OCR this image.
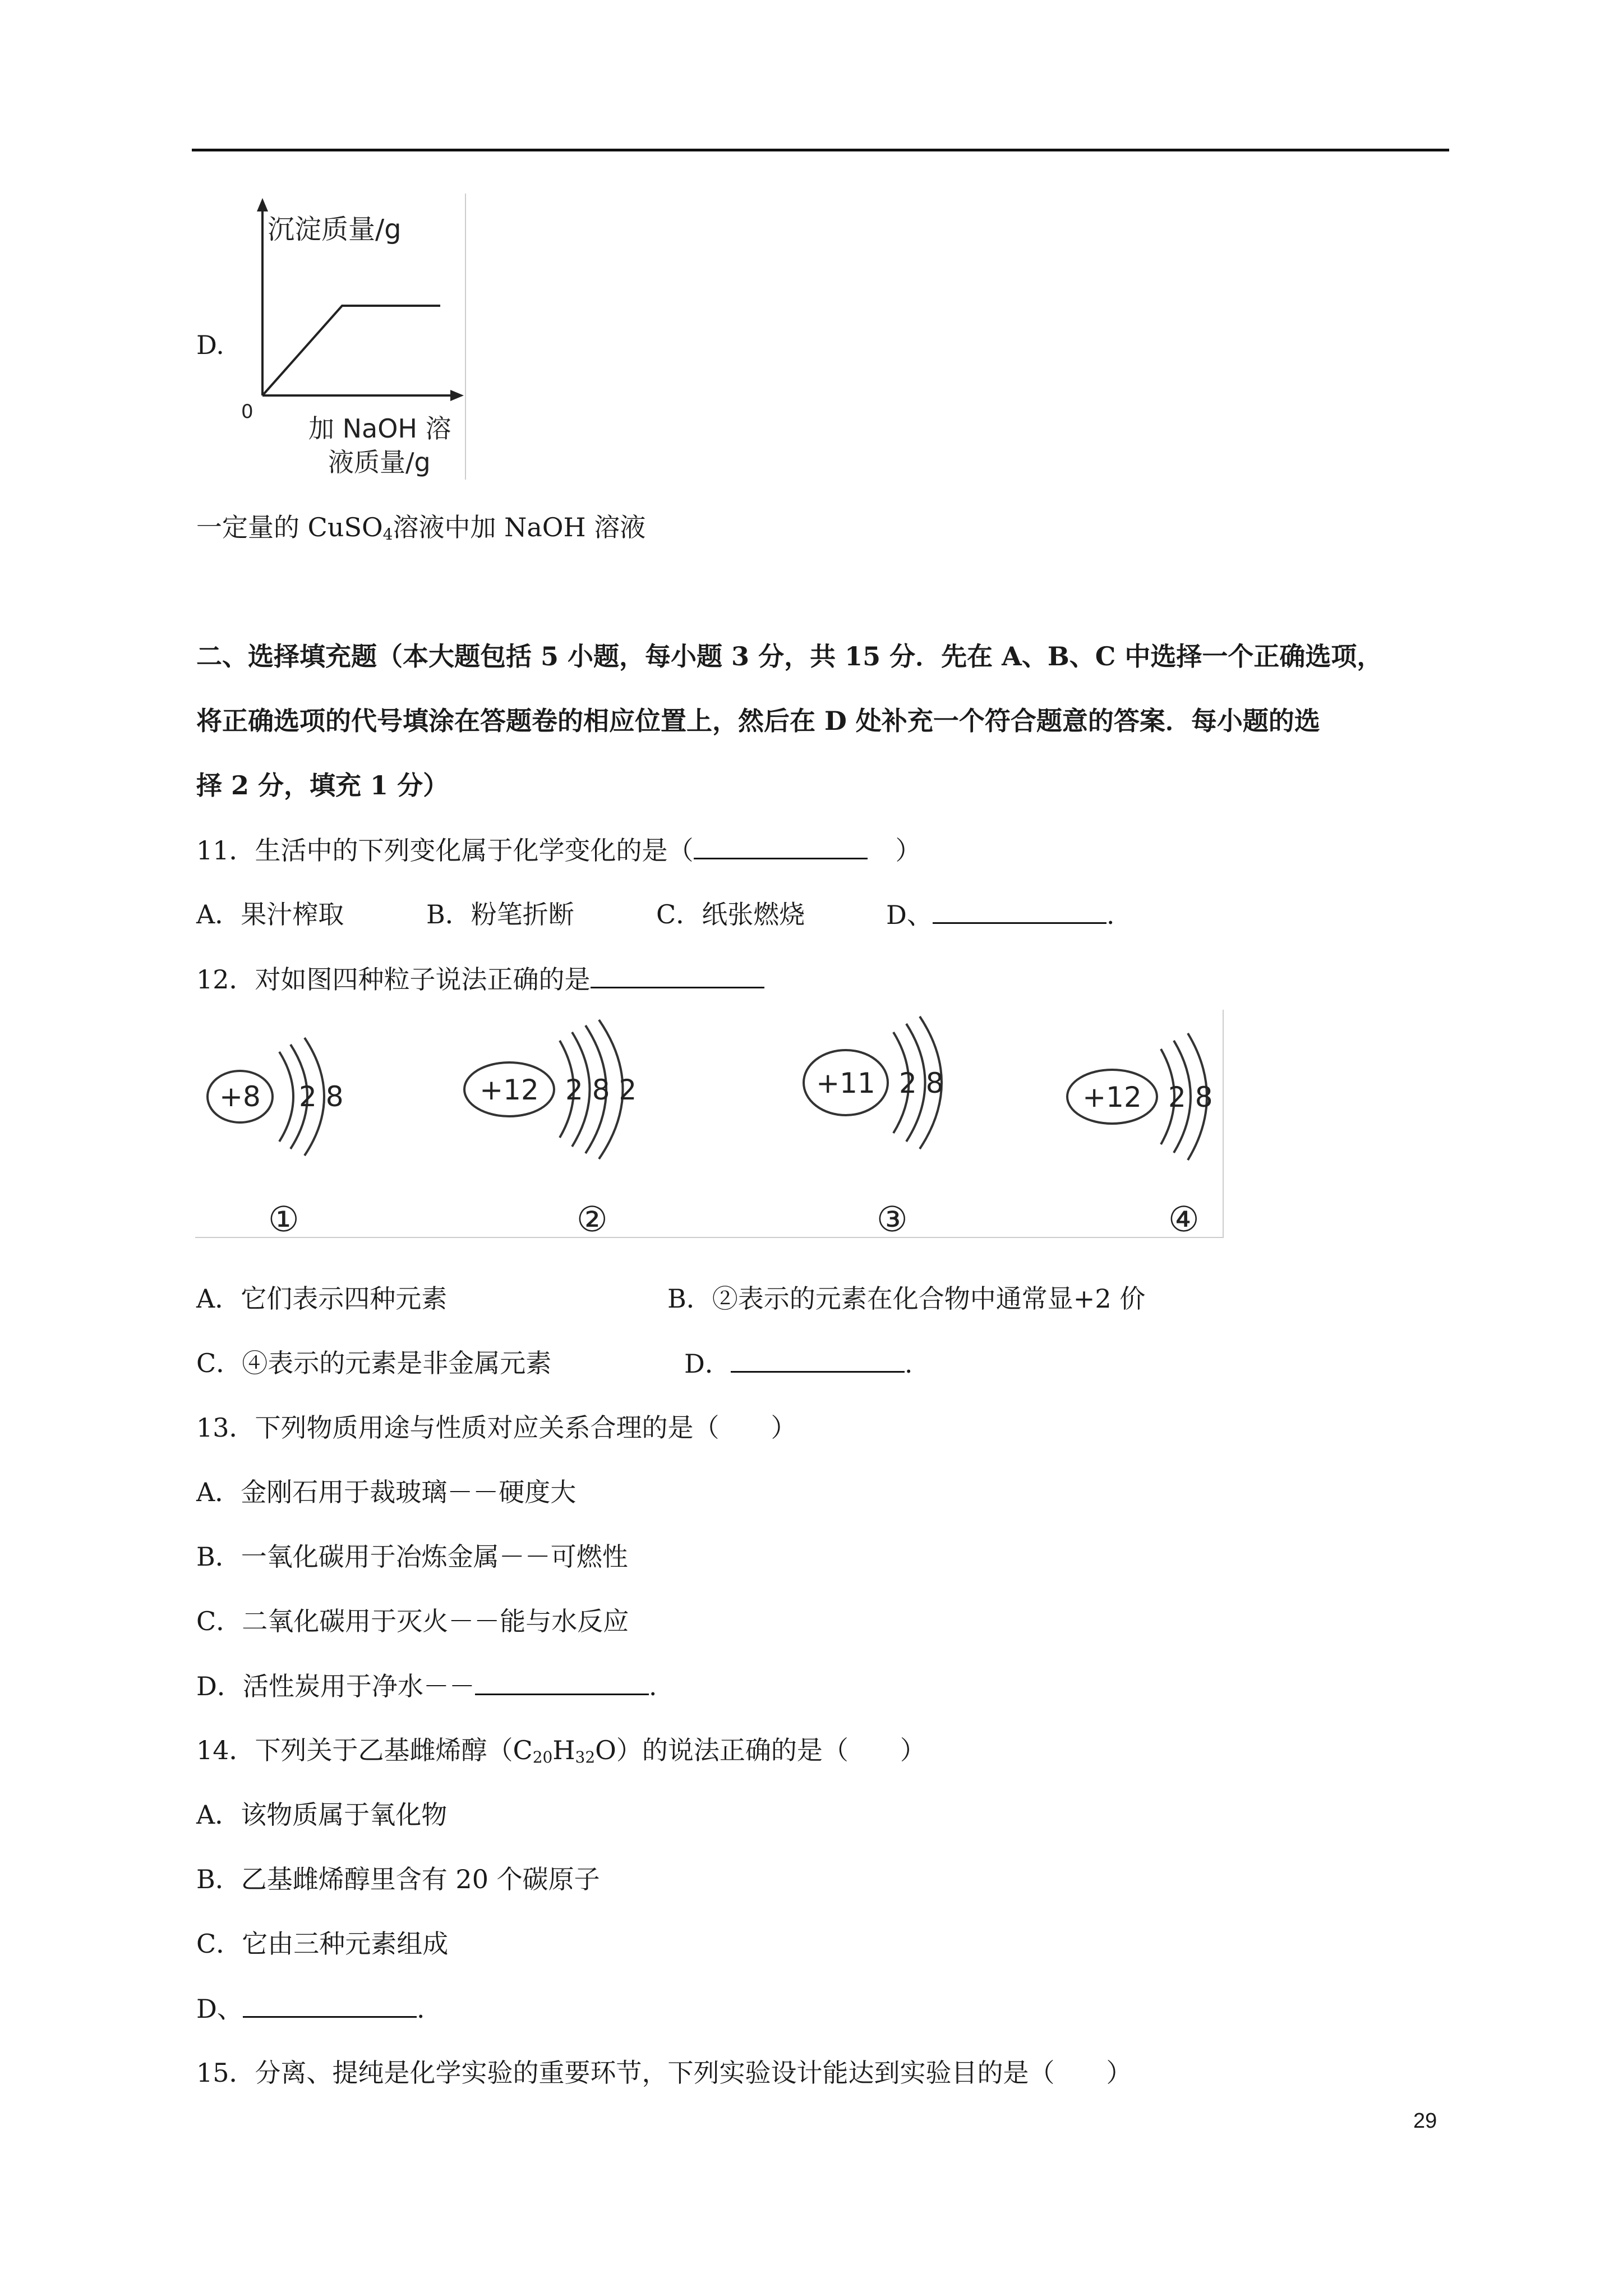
D.
沉淀质量/g
0
加 NaOH 溶
液质量/g
一定量的 CuSO$_4$溶液中加 NaOH 溶液
二、选择填充题（本大题包括 5 小题，每小题 3 分，共 15 分．先在 A、B、C 中选择一个正确选项，
将正确选项的代号填涂在答题卷的相应位置上，然后在 D 处补充一个符合题意的答案．每小题的选
择 2 分，填充 1 分）
11．生活中的下列变化属于化学变化的是（	）
A．果汁榨取	B．粉笔折断	C．纸张燃烧	D、	.
12．对如图四种粒子说法正确的是
+8 2 8
①
+12 2 8 2
②
+11 2 8
③
+12 2 8
④
A．它们表示四种元素	B．②表示的元素在化合物中通常显+2 价
C．④表示的元素是非金属元素	D．	.
13．下列物质用途与性质对应关系合理的是（　　）
A．金刚石用于裁玻璃－－硬度大
B．一氧化碳用于冶炼金属－－可燃性
C．二氧化碳用于灭火－－能与水反应
D．活性炭用于净水－－	.
14．下列关于乙基雌烯醇$(C_{20}H_{32}O)$的说法正确的是（　　）
A．该物质属于氧化物
B．乙基雌烯醇里含有 20 个碳原子
C．它由三种元素组成
D、	.
15．分离、提纯是化学实验的重要环节，下列实验设计能达到实验目的是（　　）
29
